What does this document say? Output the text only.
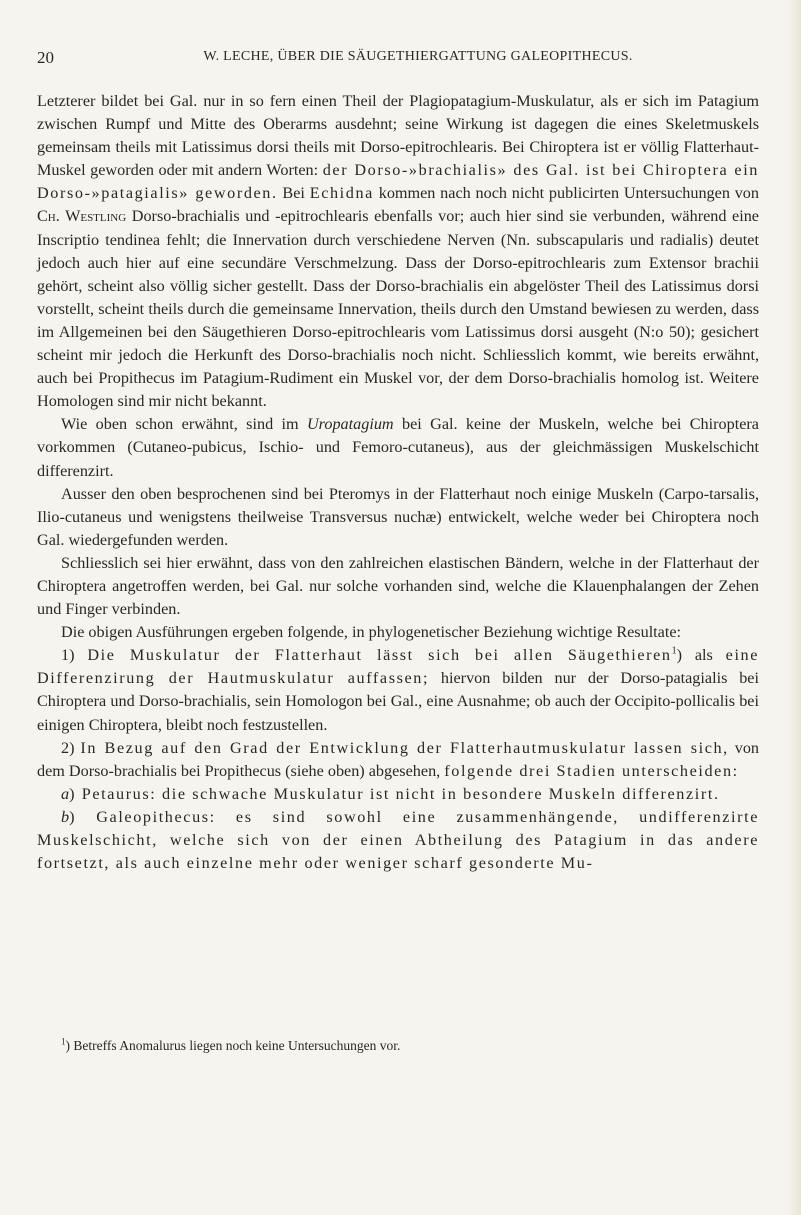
20	W. LECHE, ÜBER DIE SÄUGETHIERGATTUNG GALEOPITHECUS.

Letzterer bildet bei Gal. nur in so fern einen Theil der Plagiopatagium-Muskulatur, als er sich im Patagium zwischen Rumpf und Mitte des Oberarms ausdehnt; seine Wirkung ist dagegen die eines Skeletmuskels gemeinsam theils mit Latissimus dorsi theils mit Dorso-epitrochlearis. Bei Chiroptera ist er völlig Flatterhaut-Muskel geworden oder mit andern Worten: der Dorso-»brachialis» des Gal. ist bei Chiroptera ein Dorso-»patagialis» geworden. Bei Echidna kommen nach noch nicht publicirten Untersuchungen von Ch. Westling Dorso-brachialis und -epitrochlearis ebenfalls vor; auch hier sind sie verbunden, während eine Inscriptio tendinea fehlt; die Innervation durch verschiedene Nerven (Nn. subscapularis und radialis) deutet jedoch auch hier auf eine secundäre Verschmelzung. Dass der Dorso-epitrochlearis zum Extensor brachii gehört, scheint also völlig sicher gestellt. Dass der Dorso-brachialis ein abgelöster Theil des Latissimus dorsi vorstellt, scheint theils durch die gemeinsame Innervation, theils durch den Umstand bewiesen zu werden, dass im Allgemeinen bei den Säugethieren Dorso-epitrochlearis vom Latissimus dorsi ausgeht (N:o 50); gesichert scheint mir jedoch die Herkunft des Dorso-brachialis noch nicht. Schliesslich kommt, wie bereits erwähnt, auch bei Propithecus im Patagium-Rudiment ein Muskel vor, der dem Dorso-brachialis homolog ist. Weitere Homologen sind mir nicht bekannt.

Wie oben schon erwähnt, sind im Uropatagium bei Gal. keine der Muskeln, welche bei Chiroptera vorkommen (Cutaneo-pubicus, Ischio- und Femoro-cutaneus), aus der gleichmässigen Muskelschicht differenzirt.

Ausser den oben besprochenen sind bei Pteromys in der Flatterhaut noch einige Muskeln (Carpo-tarsalis, Ilio-cutaneus und wenigstens theilweise Transversus nuchæ) entwickelt, welche weder bei Chiroptera noch Gal. wiedergefunden werden.

Schliesslich sei hier erwähnt, dass von den zahlreichen elastischen Bändern, welche in der Flatterhaut der Chiroptera angetroffen werden, bei Gal. nur solche vorhanden sind, welche die Klauenphalangen der Zehen und Finger verbinden.

Die obigen Ausführungen ergeben folgende, in phylogenetischer Beziehung wichtige Resultate:

1) Die Muskulatur der Flatterhaut lässt sich bei allen Säugethieren$^1$) als eine Differenzirung der Hautmuskulatur auffassen; hiervon bilden nur der Dorso-patagialis bei Chiroptera und Dorso-brachialis, sein Homologon bei Gal., eine Ausnahme; ob auch der Occipito-pollicalis bei einigen Chiroptera, bleibt noch festzustellen.

2) In Bezug auf den Grad der Entwicklung der Flatterhautmuskulatur lassen sich, von dem Dorso-brachialis bei Propithecus (siehe oben) abgesehen, folgende drei Stadien unterscheiden:

a) Petaurus: die schwache Muskulatur ist nicht in besondere Muskeln differenzirt.

b) Galeopithecus: es sind sowohl eine zusammenhängende, undifferenzirte Muskelschicht, welche sich von der einen Abtheilung des Patagium in das andere fortsetzt, als auch einzelne mehr oder weniger scharf gesonderte Mu-

$^1$) Betreffs Anomalurus liegen noch keine Untersuchungen vor.
